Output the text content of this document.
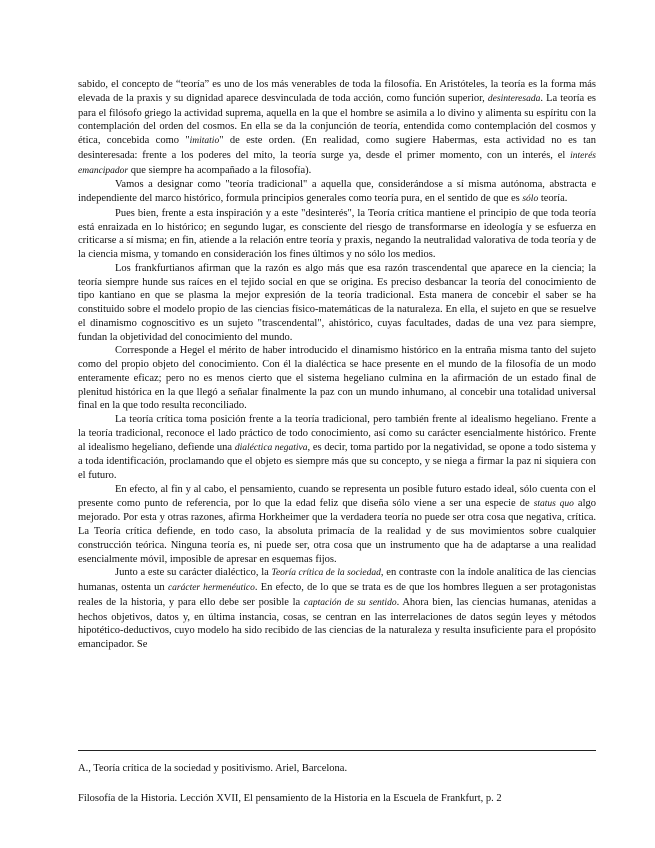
sabido, el concepto de “teoría” es uno de los más venerables de toda la filosofía. En Aristóteles, la teoría es la forma más elevada de la praxis y su dignidad aparece desvinculada de toda acción, como función superior, desinteresada. La teoría es para el filósofo griego la actividad suprema, aquella en la que el hombre se asimila a lo divino y alimenta su espíritu con la contemplación del orden del cosmos. En ella se da la conjunción de teoría, entendida como contemplación del cosmos y ética, concebida como "imitatio" de este orden. (En realidad, como sugiere Habermas, esta actividad no es tan desinteresada: frente a los poderes del mito, la teoría surge ya, desde el primer momento, con un interés, el interés emancipador que siempre ha acompañado a la filosofía).

Vamos a designar como "teoría tradicional" a aquella que, considerándose a sí misma autónoma, abstracta e independiente del marco histórico, formula principios generales como teoría pura, en el sentido de que es sólo teoría.

Pues bien, frente a esta inspiración y a este "desinterés", la Teoría crítica mantiene el principio de que toda teoría está enraizada en lo histórico; en segundo lugar, es consciente del riesgo de transformarse en ideología y se esfuerza en criticarse a sí misma; en fin, atiende a la relación entre teoría y praxis, negando la neutralidad valorativa de toda teoría y de la ciencia misma, y tomando en consideración los fines últimos y no sólo los medios.

Los frankfurtianos afirman que la razón es algo más que esa razón trascendental que aparece en la ciencia; la teoría siempre hunde sus raíces en el tejido social en que se origina. Es preciso desbancar la teoría del conocimiento de tipo kantiano en que se plasma la mejor expresión de la teoría tradicional. Esta manera de concebir el saber se ha constituido sobre el modelo propio de las ciencias físico-matemáticas de la naturaleza. En ella, el sujeto en que se resuelve el dinamismo cognoscitivo es un sujeto "trascendental", ahistórico, cuyas facultades, dadas de una vez para siempre, fundan la objetividad del conocimiento del mundo.

Corresponde a Hegel el mérito de haber introducido el dinamismo histórico en la entraña misma tanto del sujeto como del propio objeto del conocimiento. Con él la dialéctica se hace presente en el mundo de la filosofía de un modo enteramente eficaz; pero no es menos cierto que el sistema hegeliano culmina en la afirmación de un estado final de plenitud histórica en la que llegó a señalar finalmente la paz con un mundo inhumano, al concebir una totalidad universal final en la que todo resulta reconciliado.

La teoría crítica toma posición frente a la teoría tradicional, pero también frente al idealismo hegeliano. Frente a la teoría tradicional, reconoce el lado práctico de todo conocimiento, así como su carácter esencialmente histórico. Frente al idealismo hegeliano, defiende una dialéctica negativa, es decir, toma partido por la negatividad, se opone a todo sistema y a toda identificación, proclamando que el objeto es siempre más que su concepto, y se niega a firmar la paz ni siquiera con el futuro.

En efecto, al fin y al cabo, el pensamiento, cuando se representa un posible futuro estado ideal, sólo cuenta con el presente como punto de referencia, por lo que la edad feliz que diseña sólo viene a ser una especie de status quo algo mejorado. Por esta y otras razones, afirma Horkheimer que la verdadera teoría no puede ser otra cosa que negativa, crítica. La Teoría crítica defiende, en todo caso, la absoluta primacía de la realidad y de sus movimientos sobre cualquier construcción teórica. Ninguna teoría es, ni puede ser, otra cosa que un instrumento que ha de adaptarse a una realidad esencialmente móvil, imposible de apresar en esquemas fijos.

Junto a este su carácter dialéctico, la Teoría crítica de la sociedad, en contraste con la índole analítica de las ciencias humanas, ostenta un carácter hermenéutico. En efecto, de lo que se trata es de que los hombres lleguen a ser protagonistas reales de la historia, y para ello debe ser posible la captación de su sentido. Ahora bien, las ciencias humanas, atenidas a hechos objetivos, datos y, en última instancia, cosas, se centran en las interrelaciones de datos según leyes y métodos hipotético-deductivos, cuyo modelo ha sido recibido de las ciencias de la naturaleza y resulta insuficiente para el propósito emancipador. Se

A., Teoría crítica de la sociedad y positivismo. Ariel, Barcelona.
Filosofía de la Historia. Lección XVII, El pensamiento de la Historia en la Escuela de Frankfurt, p. 2
